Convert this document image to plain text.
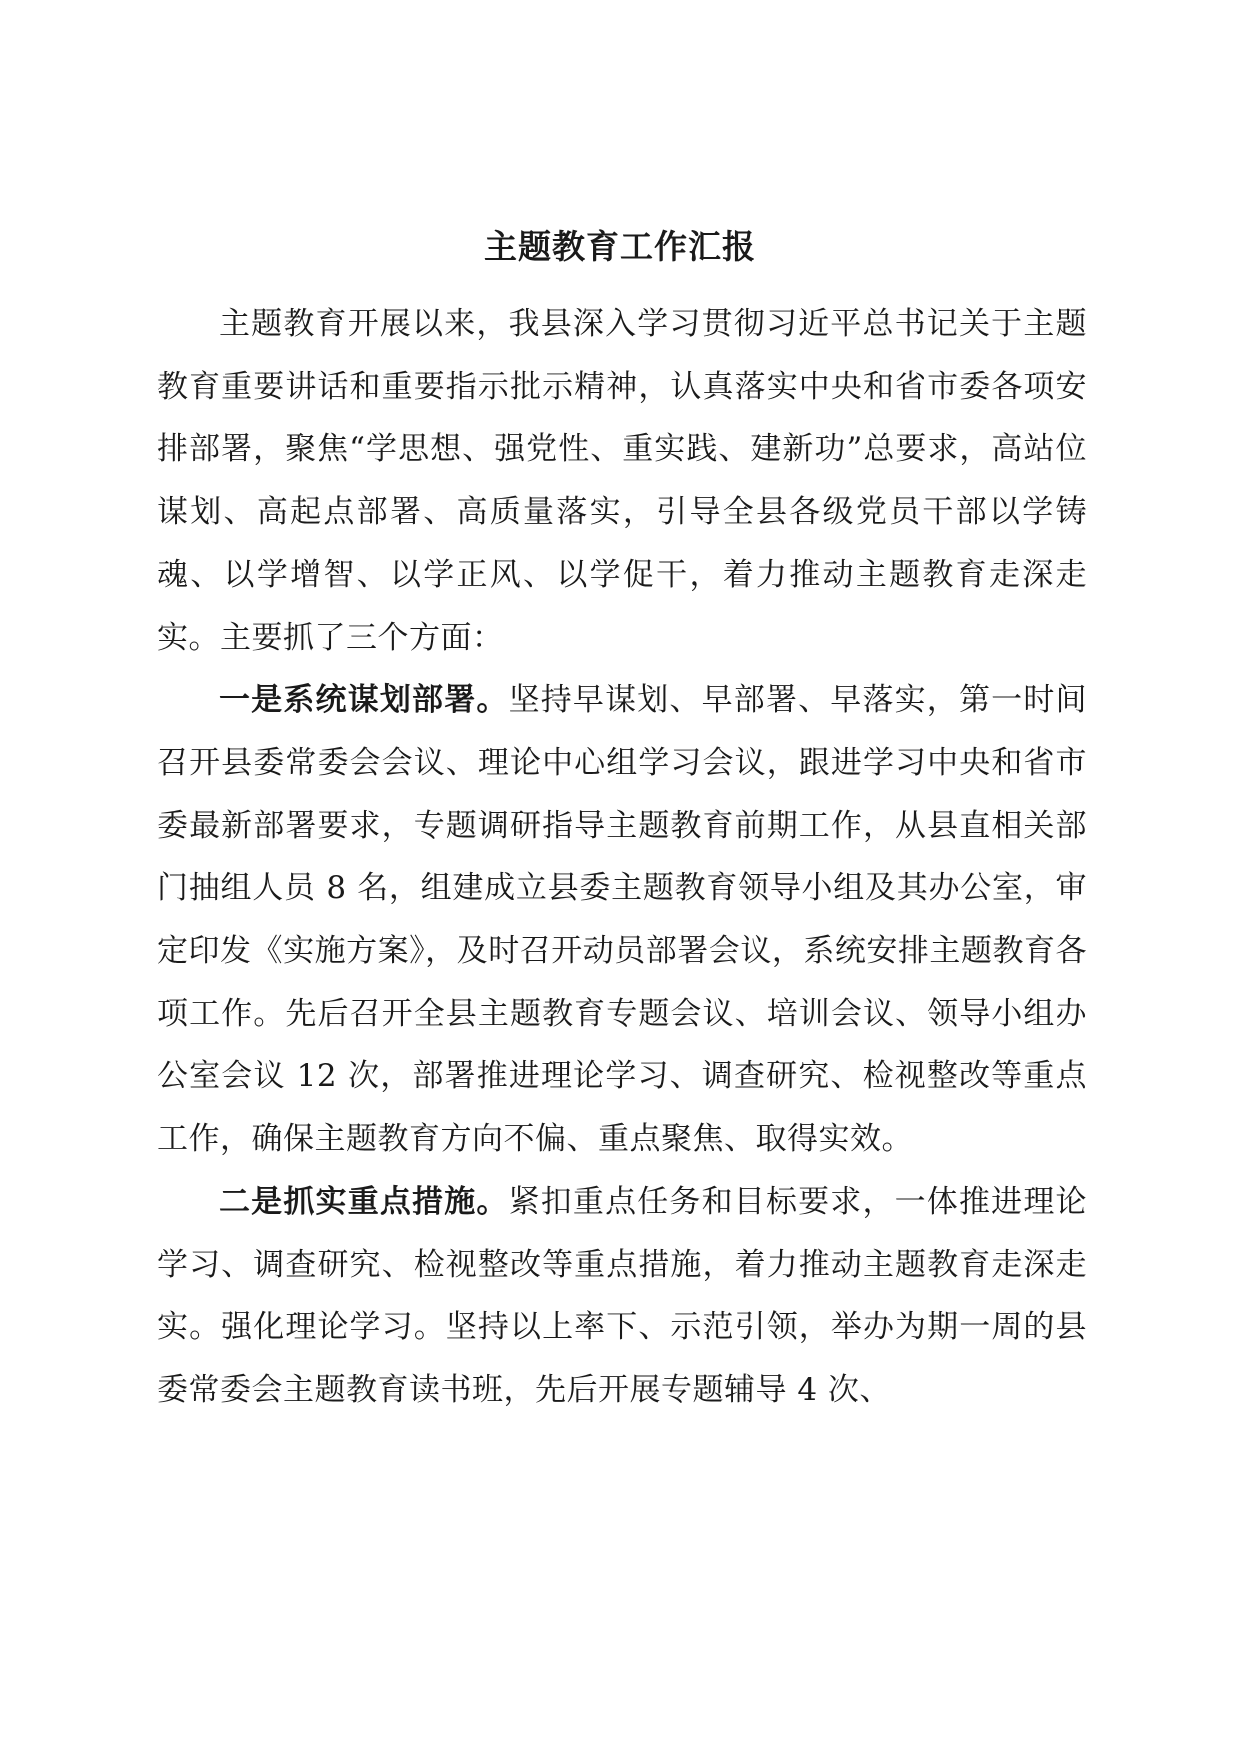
主题教育工作汇报

主题教育开展以来，我县深入学习贯彻习近平总书记关于主题教育重要讲话和重要指示批示精神，认真落实中央和省市委各项安排部署，聚焦“学思想、强党性、重实践、建新功”总要求，高站位谋划、高起点部署、高质量落实，引导全县各级党员干部以学铸魂、以学增智、以学正风、以学促干，着力推动主题教育走深走实。主要抓了三个方面：

一是系统谋划部署。坚持早谋划、早部署、早落实，第一时间召开县委常委会会议、理论中心组学习会议，跟进学习中央和省市委最新部署要求，专题调研指导主题教育前期工作，从县直相关部门抽组人员 8 名，组建成立县委主题教育领导小组及其办公室，审定印发《实施方案》，及时召开动员部署会议，系统安排主题教育各项工作。先后召开全县主题教育专题会议、培训会议、领导小组办公室会议 12 次，部署推进理论学习、调查研究、检视整改等重点工作，确保主题教育方向不偏、重点聚焦、取得实效。

二是抓实重点措施。紧扣重点任务和目标要求，一体推进理论学习、调查研究、检视整改等重点措施，着力推动主题教育走深走实。强化理论学习。坚持以上率下、示范引领，举办为期一周的县委常委会主题教育读书班，先后开展专题辅导 4 次、
